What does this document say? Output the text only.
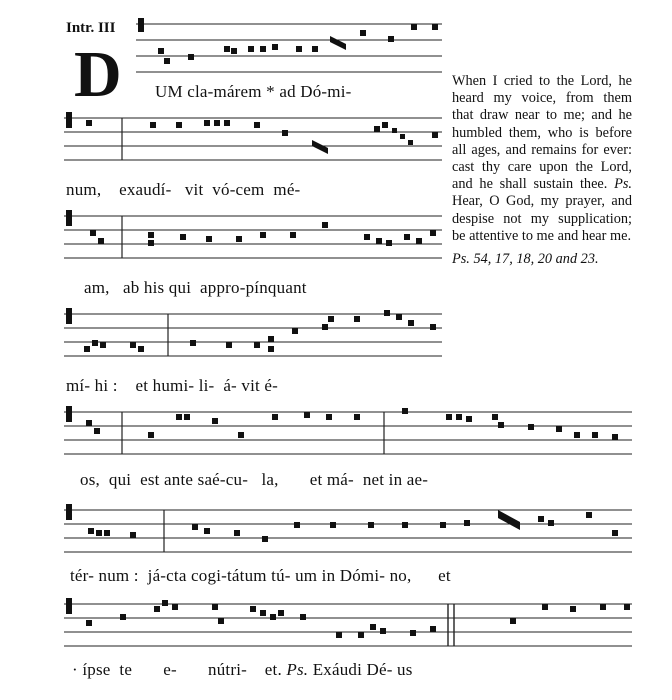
Intr. III
D	When I cried to the Lord, he heard my voice, from them that draw near to me; and he humbled them, who is before all ages, and remains for ever: cast thy care upon the Lord, and he shall sustain thee. Ps. Hear, O God, my prayer, and despise not my supplication; be attentive to me and hear me.
Ps. 54, 17, 18, 20 and 23.
UM cla-márem * ad Dó-mi-
num, exaudí- vit vó-cem mé-
am, ab his qui appro-pínquant
mí- hi : et humi- li- á- vit é-
os, qui est ante saé-cu- la, et má- net in ae-
tér- num : já-cta cogi-tátum tú- um in Dómi- no, et
· ípse te e- nútri- et. Ps. Exáudi Dé- us
